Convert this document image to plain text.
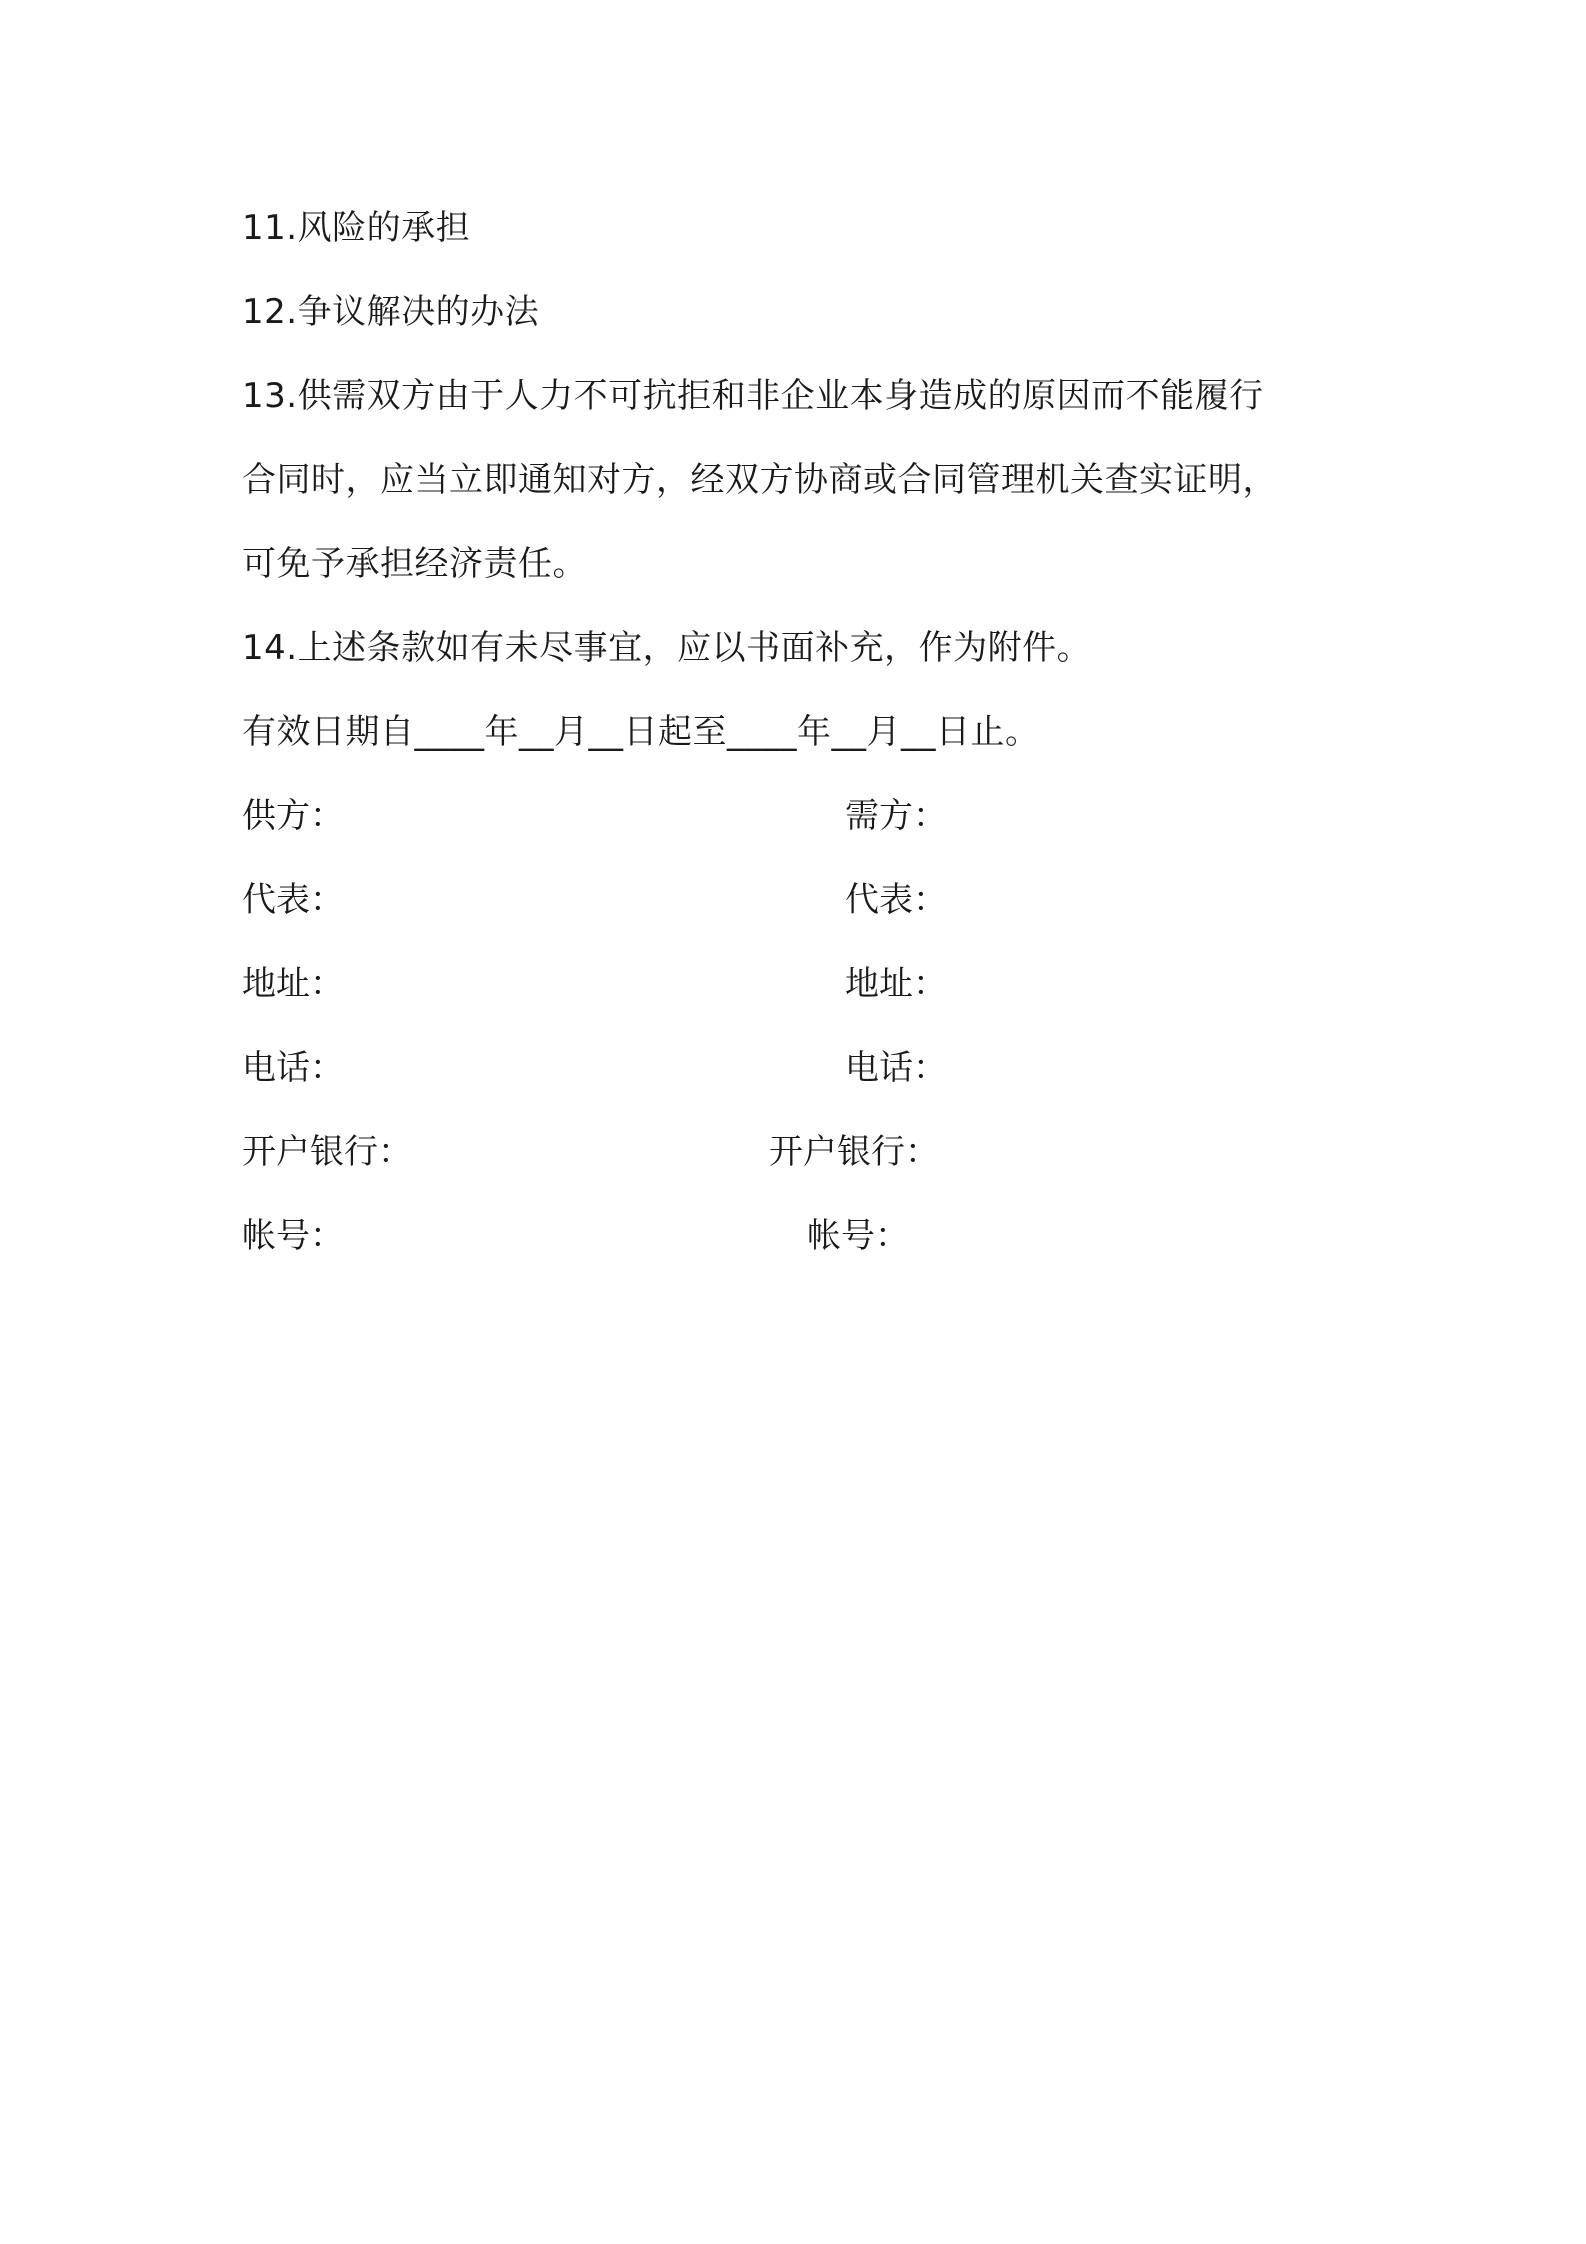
11.风险的承担
12.争议解决的办法
13.供需双方由于人力不可抗拒和非企业本身造成的原因而不能履行
合同时，应当立即通知对方，经双方协商或合同管理机关查实证明，
可免予承担经济责任。
14.上述条款如有未尽事宜，应以书面补充，作为附件。
有效日期自____年__月__日起至____年__月__日止。
供方：	需方：
代表：	代表：
地址：	地址：
电话：	电话：
开户银行：	开户银行：
帐号：	帐号：
